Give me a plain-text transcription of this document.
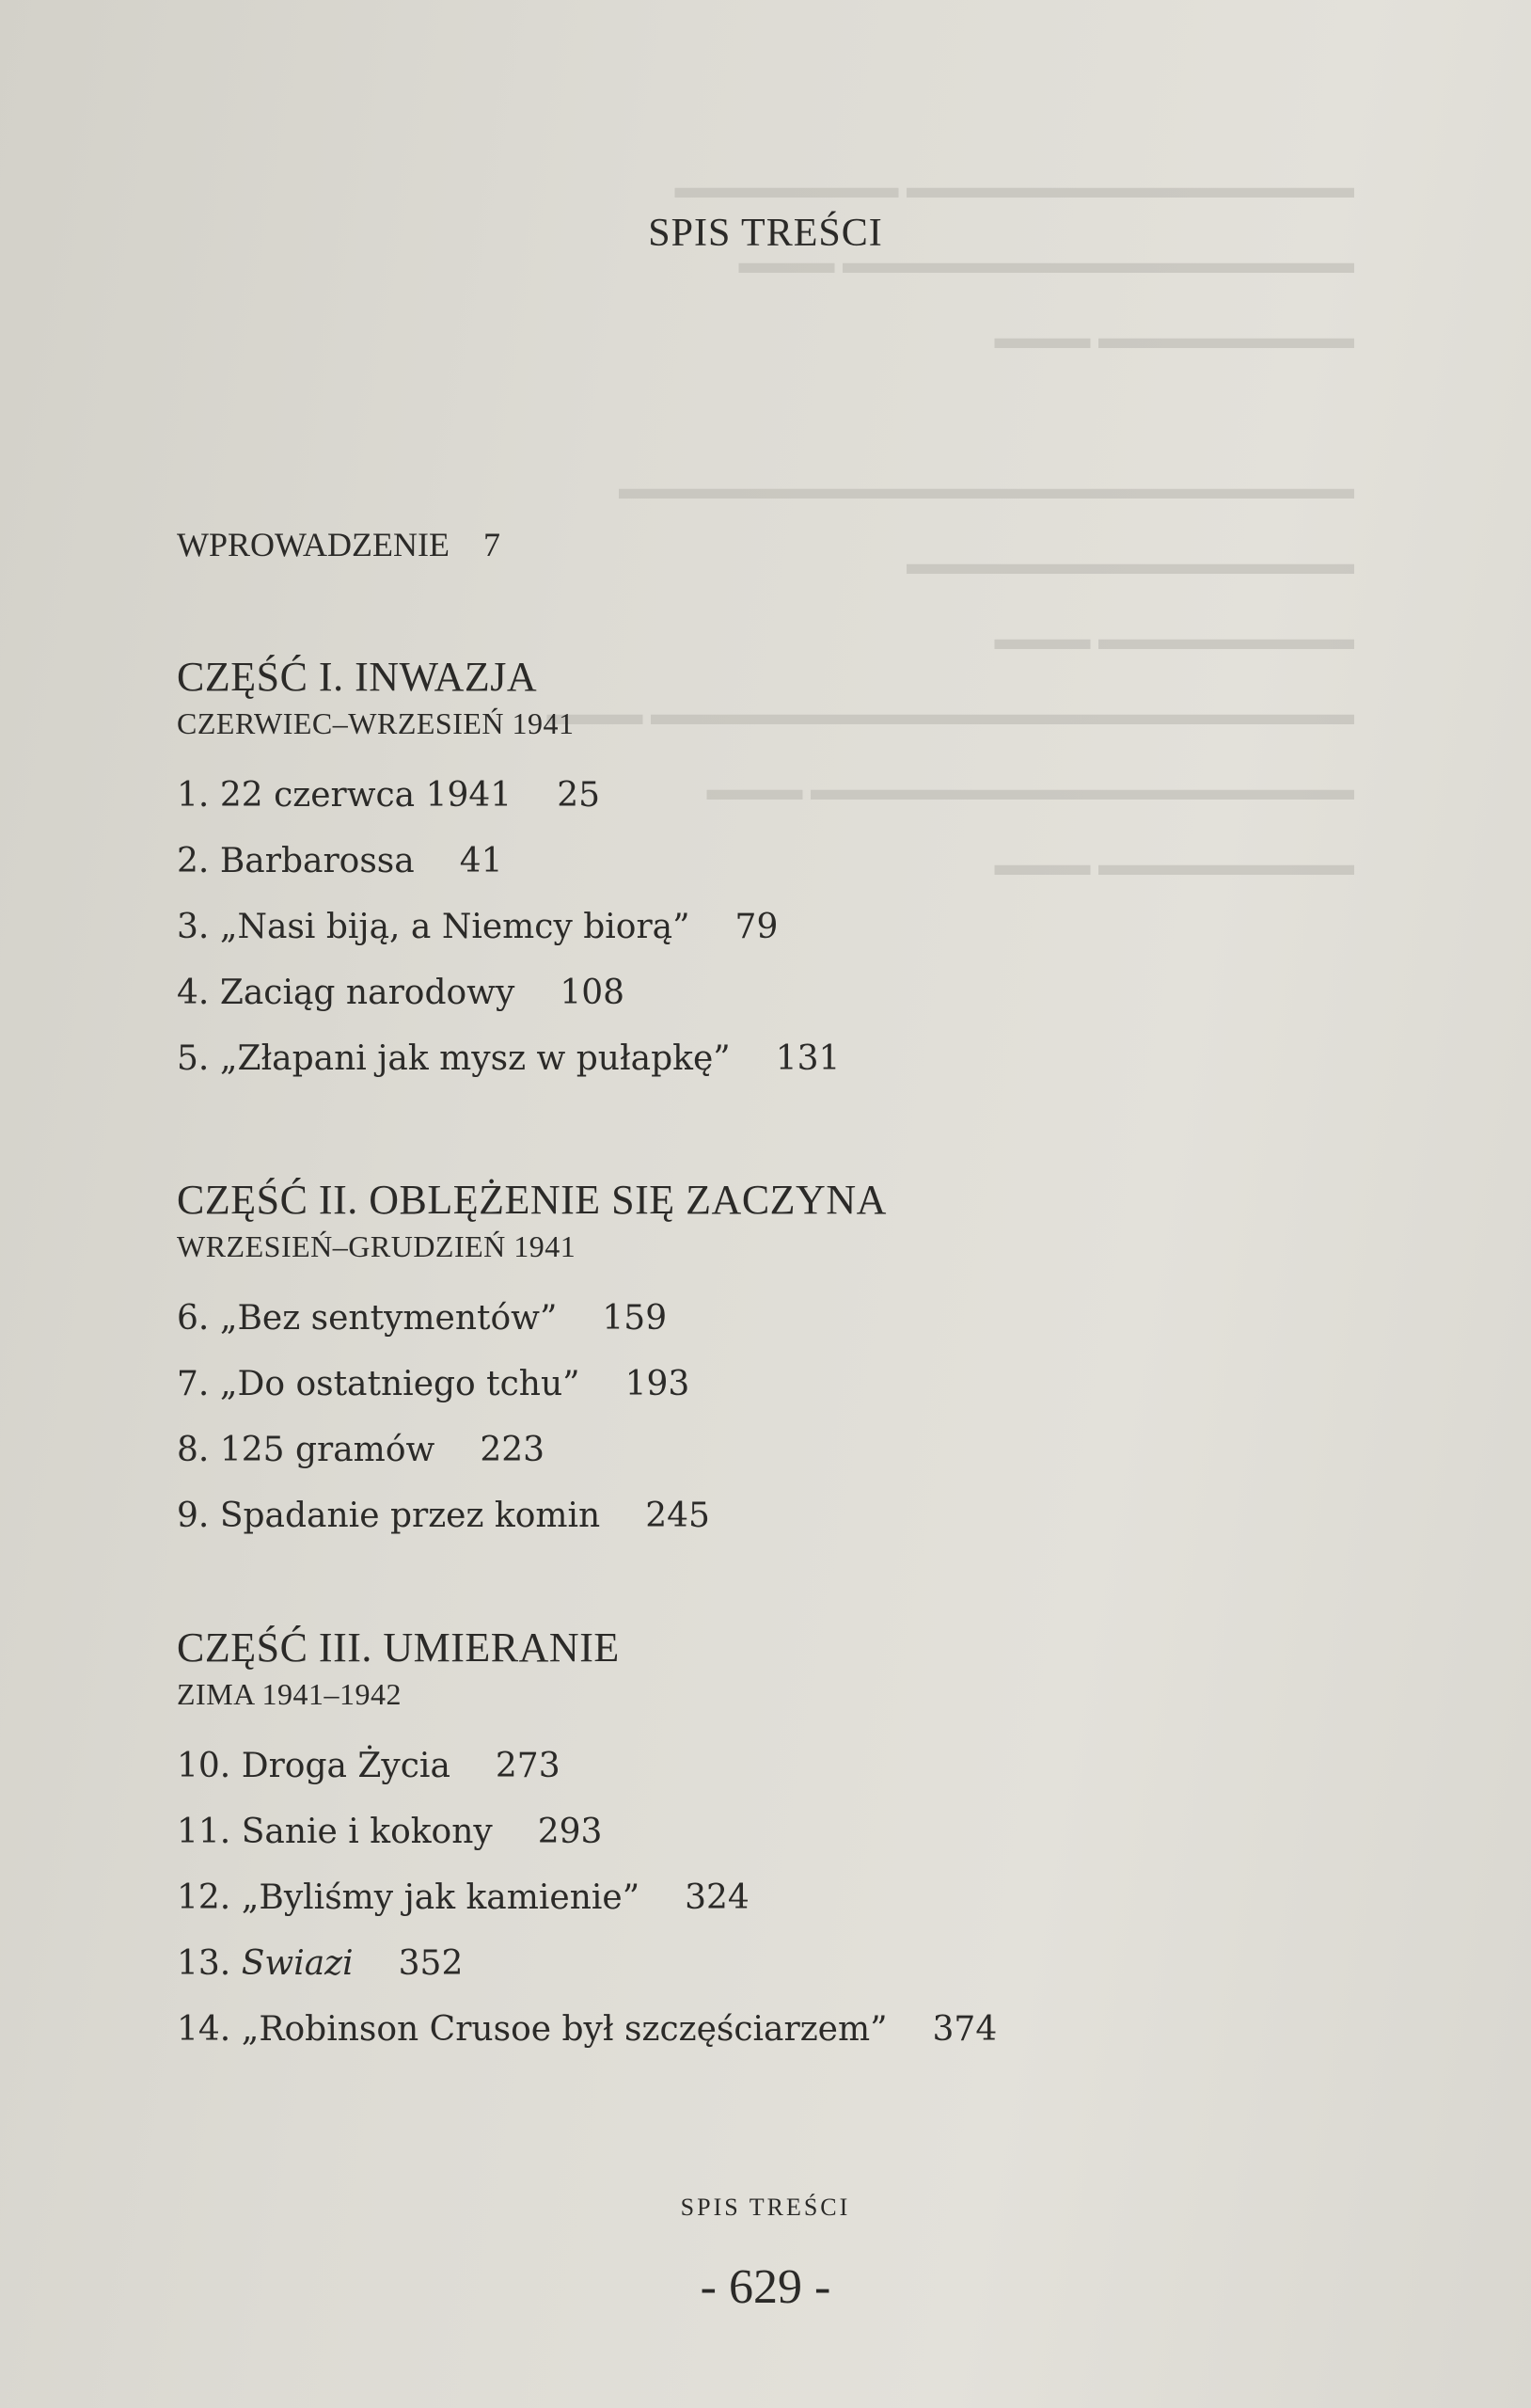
▬▬▬▬▬▬▬▬▬▬▬▬▬▬ ▬▬▬▬▬▬▬
▬▬▬▬▬▬▬▬▬▬▬▬▬▬▬▬ ▬▬▬
▬▬▬▬▬▬▬▬ ▬▬▬

▬▬▬▬▬▬▬▬▬▬▬▬▬▬▬▬▬▬▬▬▬▬▬
▬▬▬▬▬▬▬▬▬▬▬▬▬▬
▬▬▬▬▬▬▬▬ ▬▬▬
▬▬▬▬▬▬▬▬▬▬▬▬▬▬▬▬▬▬▬▬▬▬ ▬▬▬
▬▬▬▬▬▬▬▬▬▬▬▬▬▬▬▬▬ ▬▬▬
▬▬▬▬▬▬▬▬ ▬▬▬
SPIS TREŚCI
WPROWADZENIE 7
CZĘŚĆ I. INWAZJA
CZERWIEC–WRZESIEŃ 1941
1. 22 czerwca 1941 25
2. Barbarossa 41
3. „Nasi biją, a Niemcy biorą” 79
4. Zaciąg narodowy 108
5. „Złapani jak mysz w pułapkę” 131
CZĘŚĆ II. OBLĘŻENIE SIĘ ZACZYNA
WRZESIEŃ–GRUDZIEŃ 1941
6. „Bez sentymentów” 159
7. „Do ostatniego tchu” 193
8. 125 gramów 223
9. Spadanie przez komin 245
CZĘŚĆ III. UMIERANIE
ZIMA 1941–1942
10. Droga Życia 273
11. Sanie i kokony 293
12. „Byliśmy jak kamienie” 324
13. Swiazi 352
14. „Robinson Crusoe był szczęściarzem” 374
SPIS TREŚCI
- 629 -
